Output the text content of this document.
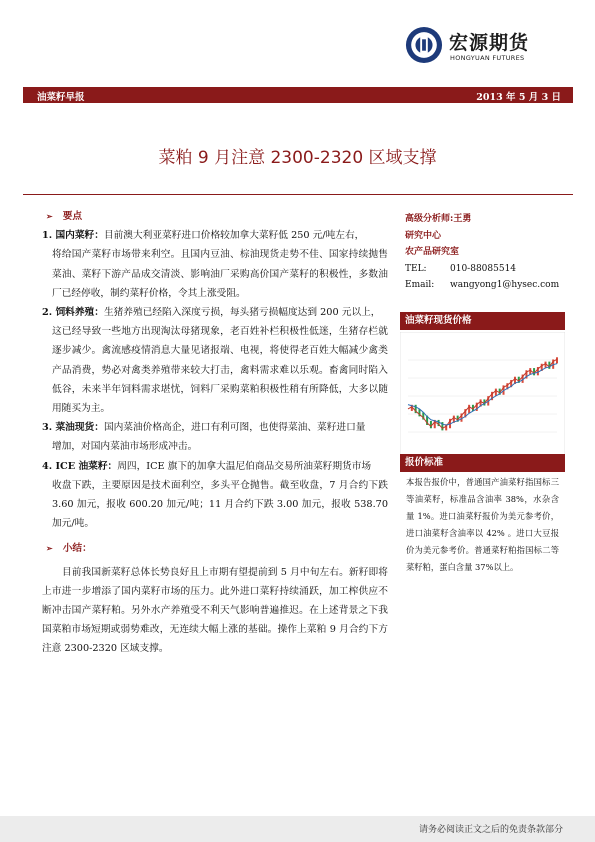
宏源期货
HONGYUAN FUTURES
油菜籽早报	2013 年 5 月 3 日
菜粕 9 月注意 2300-2320 区域支撑
➢ 要点
1. 国内菜籽：目前澳大利亚菜籽进口价格较加拿大菜籽低 250 元/吨左右，
将给国产菜籽市场带来利空。且国内豆油、棕油现货走势不佳、国家持续抛售菜油、菜籽下游产品成交清淡、影响油厂采购高价国产菜籽的积极性，多数油厂已经停收，制约菜籽价格，令其上涨受阻。
2. 饲料养殖：生猪养殖已经陷入深度亏损，每头猪亏损幅度达到 200 元以上，
这已经导致一些地方出现淘汰母猪现象，老百姓补栏积极性低迷，生猪存栏就逐步减少。禽流感疫情消息大量见诸报端、电视，将使得老百姓大幅减少禽类产品消费，势必对禽类养殖带来较大打击，禽料需求难以乐观。畜禽同时陷入低谷，未来半年饲料需求堪忧，饲料厂采购菜粕积极性稍有所降低，大多以随用随买为主。
3. 菜油现货：国内菜油价格高企，进口有利可图，也使得菜油、菜籽进口量
增加，对国内菜油市场形成冲击。
4. ICE 油菜籽：周四，ICE 旗下的加拿大温尼伯商品交易所油菜籽期货市场
收盘下跌，主要原因是技术面利空，多头平仓抛售。截至收盘，7 月合约下跌 3.60 加元，报收 600.20 加元/吨；11 月合约下跌 3.00 加元，报收 538.70 加元/吨。
➢ 小结：

目前我国新菜籽总体长势良好且上市期有望提前到 5 月中旬左右。新籽即将上市进一步增添了国内菜籽市场的压力。此外进口菜籽持续涌跃，加工榨供应不断冲击国产菜籽粕。另外水产养殖受不利天气影响普遍推迟。在上述背景之下我国菜粕市场短期或弱势难改，无连续大幅上涨的基础。操作上菜粕 9 月合约下方注意 2300-2320 区域支撑。

高级分析师:王勇
研究中心
农产品研究室
TEL:	010-88085514
Email:	wangyong1@hysec.com
油菜籽现货价格
报价标准
本报告报价中，普通国产油菜籽指国标三等油菜籽，标准品含油率 38%，水杂含量 1%。进口油菜籽报价为美元参考价，进口油菜籽含油率以 42% 。进口大豆报价为美元参考价。普通菜籽粕指国标二等菜籽粕，蛋白含量 37%以上。
请务必阅读正文之后的免责条款部分
